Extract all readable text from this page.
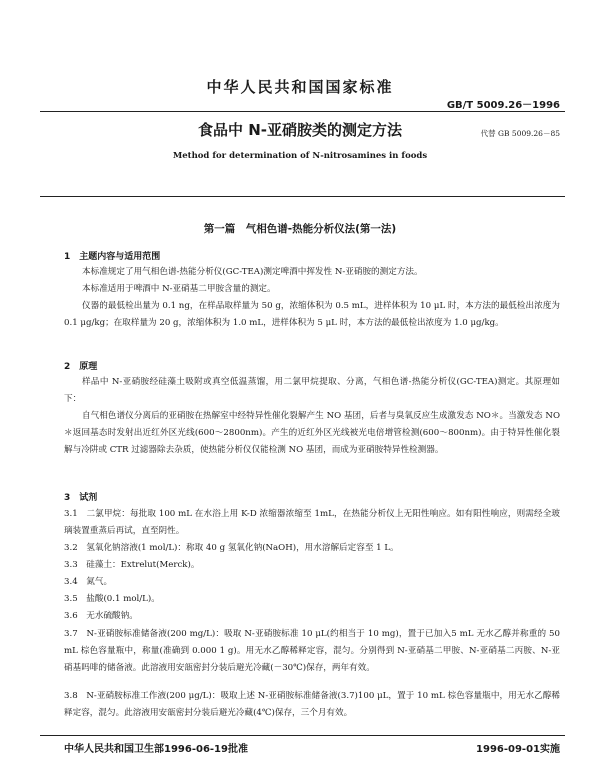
中华人民共和国国家标准
GB/T 5009.26－1996
食品中 N-亚硝胺类的测定方法	代替 GB 5009.26－85
Method for determination of N-nitrosamines in foods
第一篇　气相色谱-热能分析仪法(第一法)
1　主题内容与适用范围
本标准规定了用气相色谱-热能分析仪(GC-TEA)测定啤酒中挥发性 N-亚硝胺的测定方法。
本标准适用于啤酒中 N-亚硝基二甲胺含量的测定。
仪器的最低检出量为 0.1 ng，在样品取样量为 50 g，浓缩体积为 0.5 mL，进样体积为 10 μL 时，本方法的最低检出浓度为 0.1 μg/kg；在取样量为 20 g，浓缩体积为 1.0 mL，进样体积为 5 μL 时，本方法的最低检出浓度为 1.0 μg/kg。
2　原理
样品中 N-亚硝胺经硅藻土吸附或真空低温蒸馏，用二氯甲烷提取、分离，气相色谱-热能分析仪(GC-TEA)测定。其原理如下：
自气相色谱仪分离后的亚硝胺在热解室中经特异性催化裂解产生 NO 基团，后者与臭氧反应生成激发态 NO＊。当激发态 NO＊返回基态时发射出近红外区光线(600～2800nm)。产生的近红外区光线被光电倍增管检测(600～800nm)。由于特异性催化裂解与冷阱或 CTR 过滤器除去杂质，使热能分析仪仅能检测 NO 基团，而成为亚硝胺特异性检测器。
3　试剂
3.1　二氯甲烷：每批取 100 mL 在水浴上用 K-D 浓缩器浓缩至 1mL，在热能分析仪上无阳性响应。如有阳性响应，则需经全玻璃装置重蒸后再试，直至阴性。
3.2　氢氧化钠溶液(1 mol/L)：称取 40 g 氢氧化钠(NaOH)，用水溶解后定容至 1 L。
3.3　硅藻土：Extrelut(Merck)。
3.4　氮气。
3.5　盐酸(0.1 mol/L)。
3.6　无水硫酸钠。
3.7　N-亚硝胺标准储备液(200 mg/L)：吸取 N-亚硝胺标准 10 μL(约相当于 10 mg)，置于已加入5 mL 无水乙醇并称重的 50 mL 棕色容量瓶中，称量(准确到 0.000 1 g)。用无水乙醇稀释定容，混匀。分别得到 N-亚硝基二甲胺、N-亚硝基二丙胺、N-亚硝基吗啡的储备液。此溶液用安瓿密封分装后避光冷藏(－30℃)保存，两年有效。
3.8　N-亚硝胺标准工作液(200 μg/L)：吸取上述 N-亚硝胺标准储备液(3.7)100 μL，置于 10 mL 棕色容量瓶中，用无水乙醇稀释定容，混匀。此溶液用安瓿密封分装后避光冷藏(4℃)保存，三个月有效。
中华人民共和国卫生部1996-06-19批准	1996-09-01实施
